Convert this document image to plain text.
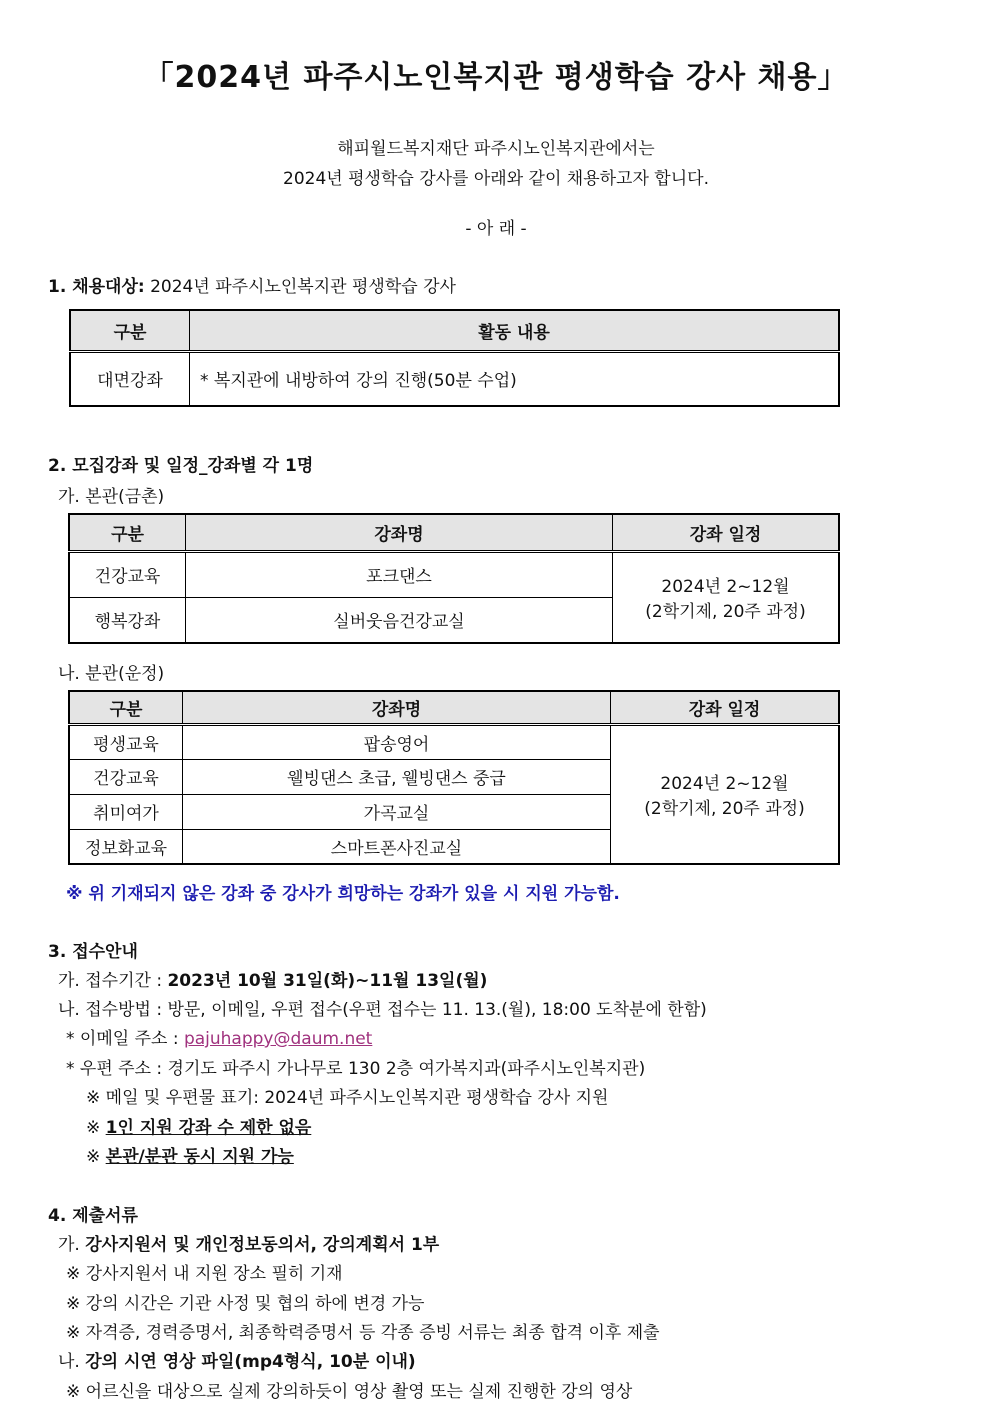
「2024년 파주시노인복지관 평생학습 강사 채용」
해피월드복지재단 파주시노인복지관에서는
2024년 평생학습 강사를 아래와 같이 채용하고자 합니다.
- 아 래 -
1. 채용대상: 2024년 파주시노인복지관 평생학습 강사
구분	활동 내용
대면강좌	* 복지관에 내방하여 강의 진행(50분 수업)
2. 모집강좌 및 일정_강좌별 각 1명
가. 본관(금촌)
구분	강좌명	강좌 일정
건강교육	포크댄스	2024년 2~12월
(2학기제, 20주 과정)

행복강좌	실버웃음건강교실	
나. 분관(운정)
구분	강좌명	강좌 일정
평생교육	팝송영어	2024년 2~12월
(2학기제, 20주 과정)

건강교육	웰빙댄스 초급, 웰빙댄스 중급	
취미여가	가곡교실	
정보화교육	스마트폰사진교실	
※ 위 기재되지 않은 강좌 중 강사가 희망하는 강좌가 있을 시 지원 가능함.
3. 접수안내
가. 접수기간 : 2023년 10월 31일(화)~11월 13일(월)
나. 접수방법 : 방문, 이메일, 우편 접수(우편 접수는 11. 13.(월), 18:00 도착분에 한함)
* 이메일 주소 : pajuhappy@daum.net
* 우편 주소 : 경기도 파주시 가나무로 130 2층 여가복지과(파주시노인복지관)
※ 메일 및 우편물 표기: 2024년 파주시노인복지관 평생학습 강사 지원
※ 1인 지원 강좌 수 제한 없음
※ 본관/분관 동시 지원 가능
4. 제출서류
가. 강사지원서 및 개인정보동의서, 강의계획서 1부
※ 강사지원서 내 지원 장소 필히 기재
※ 강의 시간은 기관 사정 및 협의 하에 변경 가능
※ 자격증, 경력증명서, 최종학력증명서 등 각종 증빙 서류는 최종 합격 이후 제출
나. 강의 시연 영상 파일(mp4형식, 10분 이내)
※ 어르신을 대상으로 실제 강의하듯이 영상 촬영 또는 실제 진행한 강의 영상
